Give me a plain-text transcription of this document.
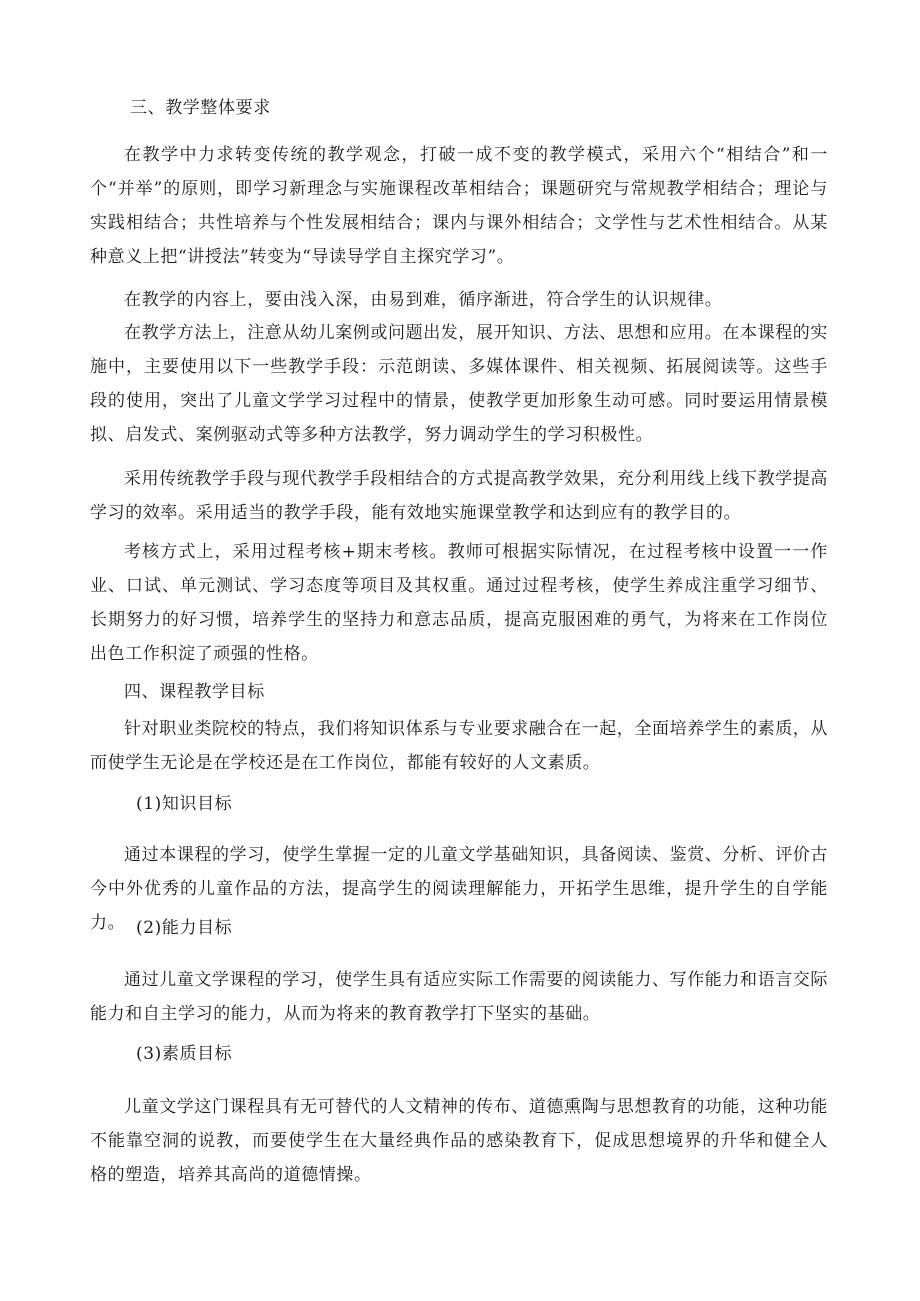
三、教学整体要求

在教学中力求转变传统的教学观念，打破一成不变的教学模式，采用六个“相结合”和一个“并举”的原则，即学习新理念与实施课程改革相结合；课题研究与常规教学相结合；理论与实践相结合；共性培养与个性发展相结合；课内与课外相结合；文学性与艺术性相结合。从某种意义上把“讲授法”转变为“导读导学自主探究学习”。

在教学的内容上，要由浅入深，由易到难，循序渐进，符合学生的认识规律。

在教学方法上，注意从幼儿案例或问题出发，展开知识、方法、思想和应用。在本课程的实施中，主要使用以下一些教学手段：示范朗读、多媒体课件、相关视频、拓展阅读等。这些手段的使用，突出了儿童文学学习过程中的情景，使教学更加形象生动可感。同时要运用情景模拟、启发式、案例驱动式等多种方法教学，努力调动学生的学习积极性。

采用传统教学手段与现代教学手段相结合的方式提高教学效果，充分利用线上线下教学提高学习的效率。采用适当的教学手段，能有效地实施课堂教学和达到应有的教学目的。

考核方式上，采用过程考核+期末考核。教师可根据实际情况，在过程考核中设置一一作业、口试、单元测试、学习态度等项目及其权重。通过过程考核，使学生养成注重学习细节、长期努力的好习惯，培养学生的坚持力和意志品质，提高克服困难的勇气，为将来在工作岗位出色工作积淀了顽强的性格。

四、课程教学目标

针对职业类院校的特点，我们将知识体系与专业要求融合在一起，全面培养学生的素质，从而使学生无论是在学校还是在工作岗位，都能有较好的人文素质。

(1)知识目标

通过本课程的学习，使学生掌握一定的儿童文学基础知识，具备阅读、鉴赏、分析、评价古今中外优秀的儿童作品的方法，提高学生的阅读理解能力，开拓学生思维，提升学生的自学能力。 (2)能力目标

通过儿童文学课程的学习，使学生具有适应实际工作需要的阅读能力、写作能力和语言交际能力和自主学习的能力，从而为将来的教育教学打下坚实的基础。

(3)素质目标

儿童文学这门课程具有无可替代的人文精神的传布、道德熏陶与思想教育的功能，这种功能不能靠空洞的说教，而要使学生在大量经典作品的感染教育下，促成思想境界的升华和健全人格的塑造，培养其高尚的道德情操。
